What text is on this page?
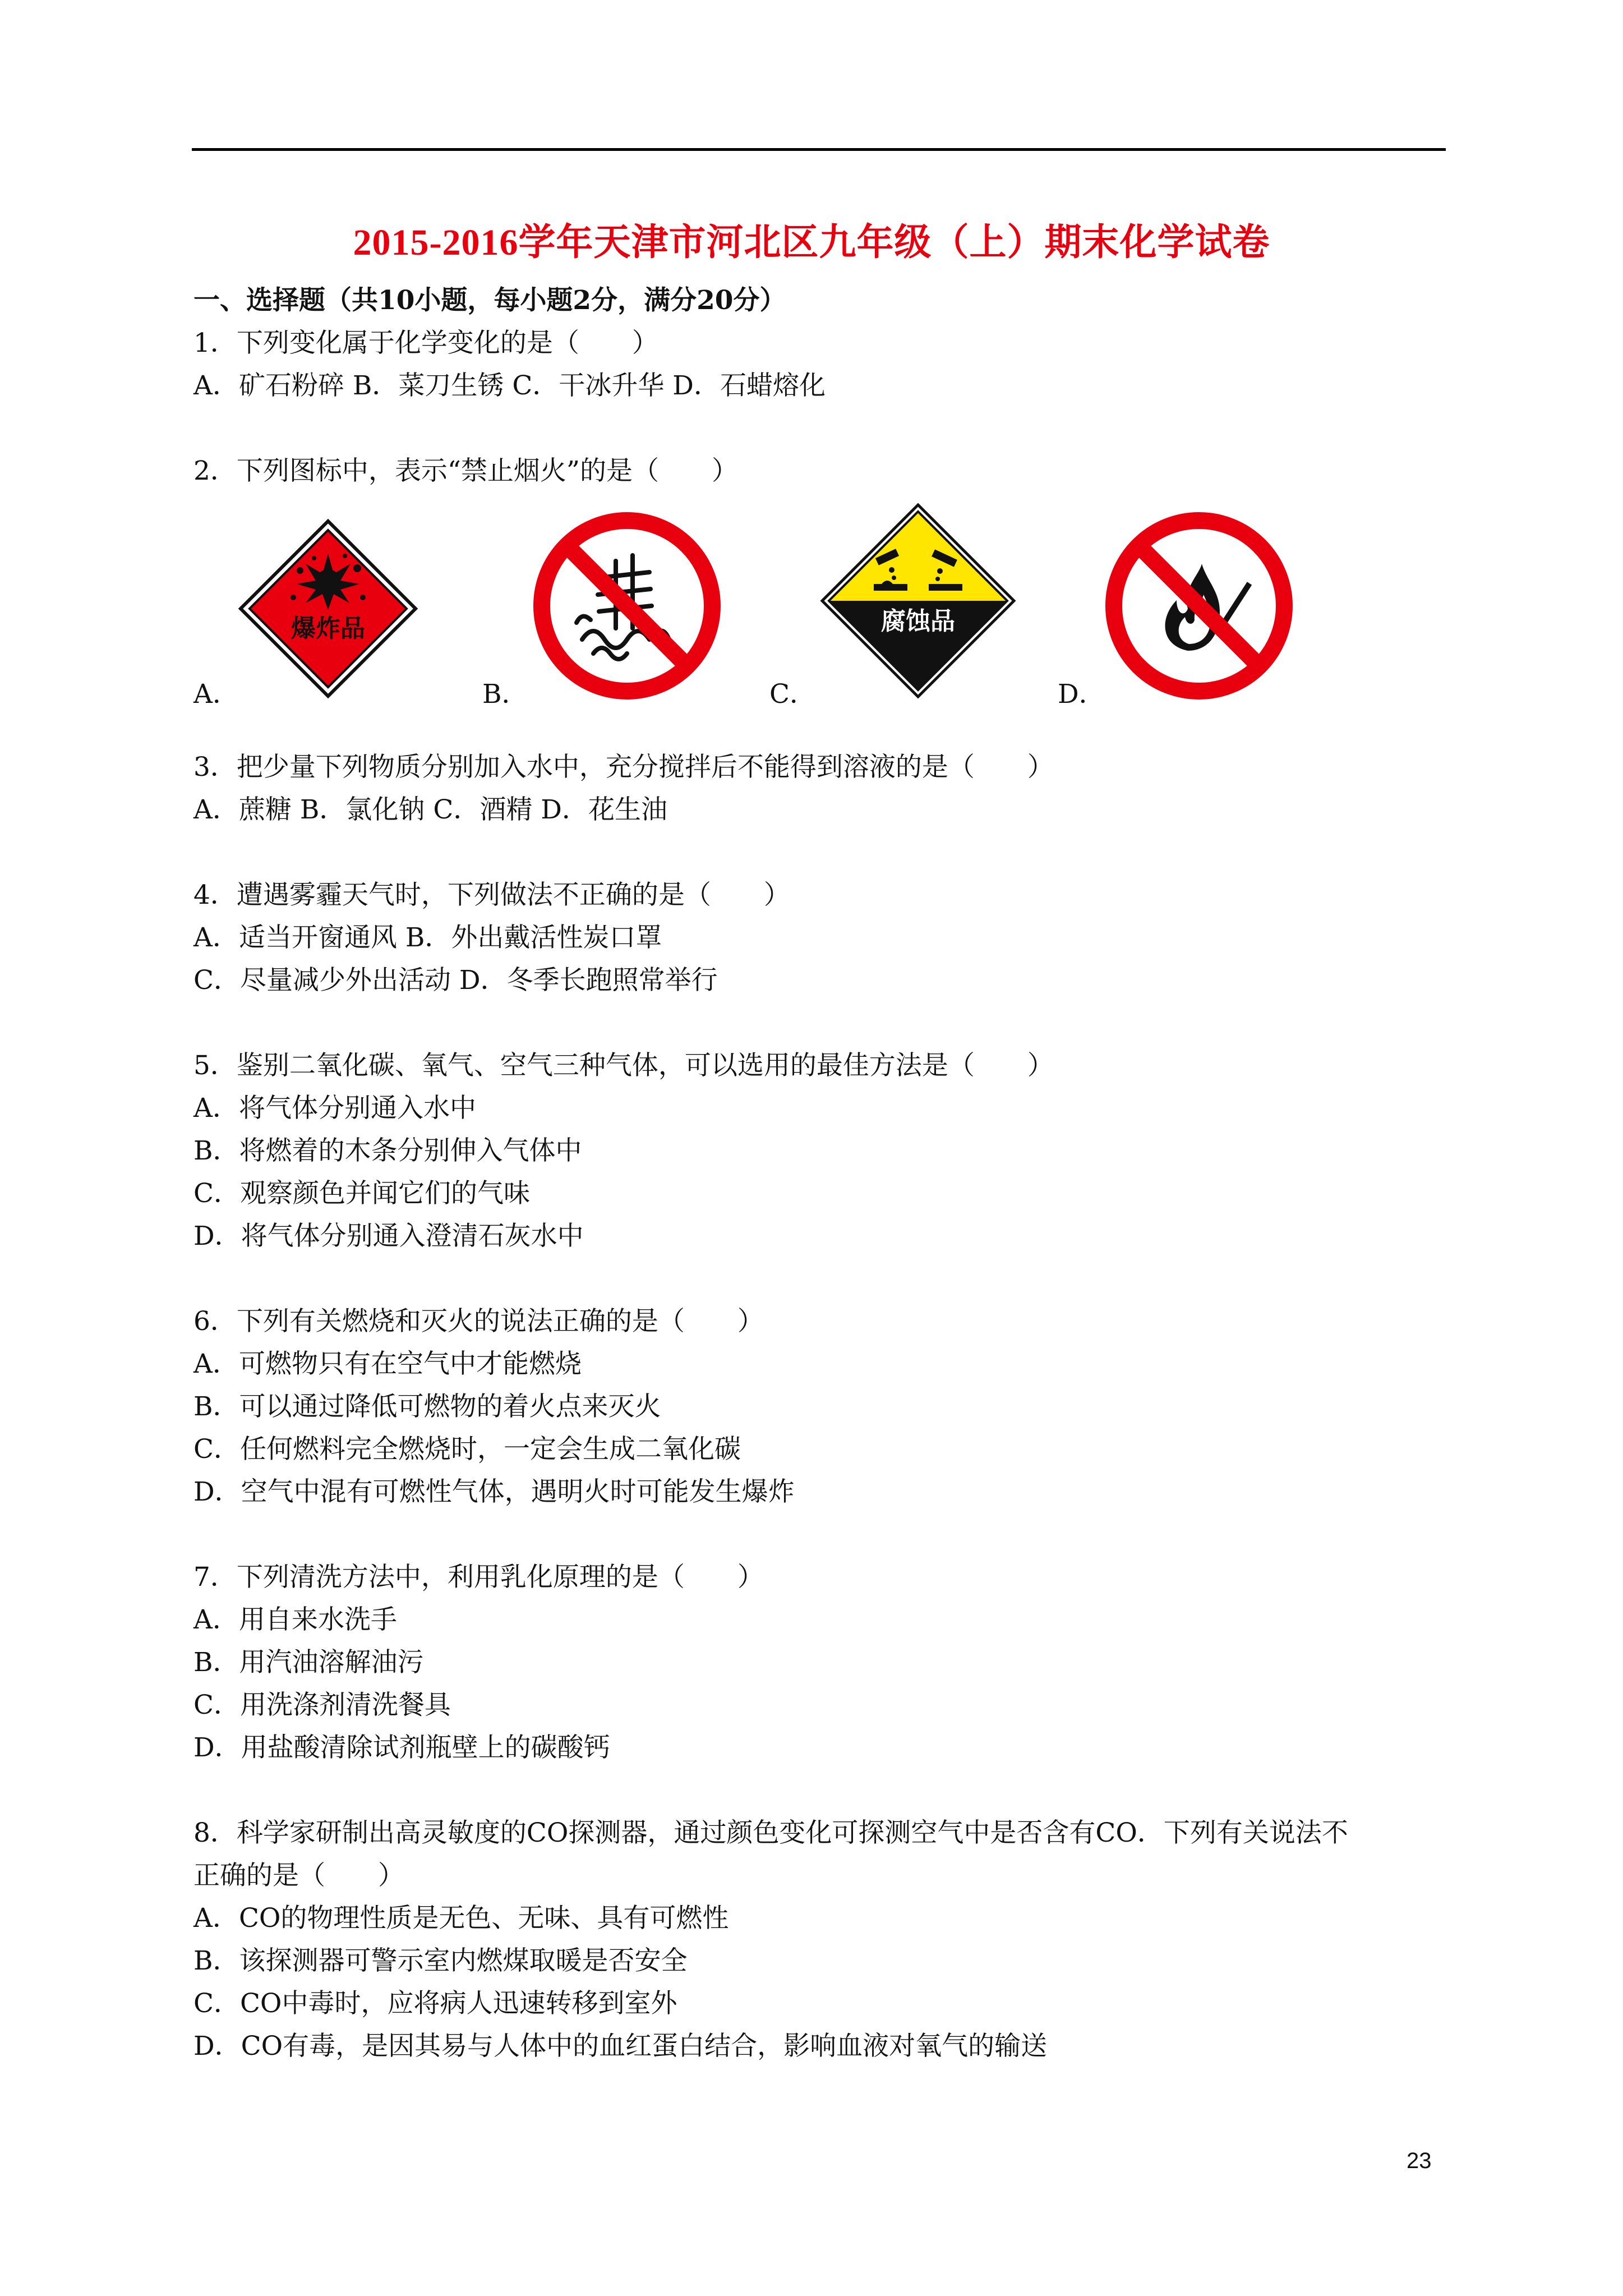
2015-2016学年天津市河北区九年级（上）期末化学试卷
一、选择题（共10小题，每小题2分，满分20分）
1．下列变化属于化学变化的是（　　）
A．矿石粉碎 B．菜刀生锈 C．干冰升华 D．石蜡熔化
2．下列图标中，表示“禁止烟火”的是（　　）
A．	B．	C．	D．
爆炸品	腐蚀品
3．把少量下列物质分别加入水中，充分搅拌后不能得到溶液的是（　　）
A．蔗糖 B．氯化钠 C．酒精 D．花生油
4．遭遇雾霾天气时，下列做法不正确的是（　　）
A．适当开窗通风 B．外出戴活性炭口罩
C．尽量减少外出活动 D．冬季长跑照常举行
5．鉴别二氧化碳、氧气、空气三种气体，可以选用的最佳方法是（　　）
A．将气体分别通入水中
B．将燃着的木条分别伸入气体中
C．观察颜色并闻它们的气味
D．将气体分别通入澄清石灰水中
6．下列有关燃烧和灭火的说法正确的是（　　）
A．可燃物只有在空气中才能燃烧
B．可以通过降低可燃物的着火点来灭火
C．任何燃料完全燃烧时，一定会生成二氧化碳
D．空气中混有可燃性气体，遇明火时可能发生爆炸
7．下列清洗方法中，利用乳化原理的是（　　）
A．用自来水洗手
B．用汽油溶解油污
C．用洗涤剂清洗餐具
D．用盐酸清除试剂瓶壁上的碳酸钙
8．科学家研制出高灵敏度的CO探测器，通过颜色变化可探测空气中是否含有CO．下列有关说法不
正确的是（　　）
A．CO的物理性质是无色、无味、具有可燃性
B．该探测器可警示室内燃煤取暖是否安全
C．CO中毒时，应将病人迅速转移到室外
D．CO有毒，是因其易与人体中的血红蛋白结合，影响血液对氧气的输送
23
